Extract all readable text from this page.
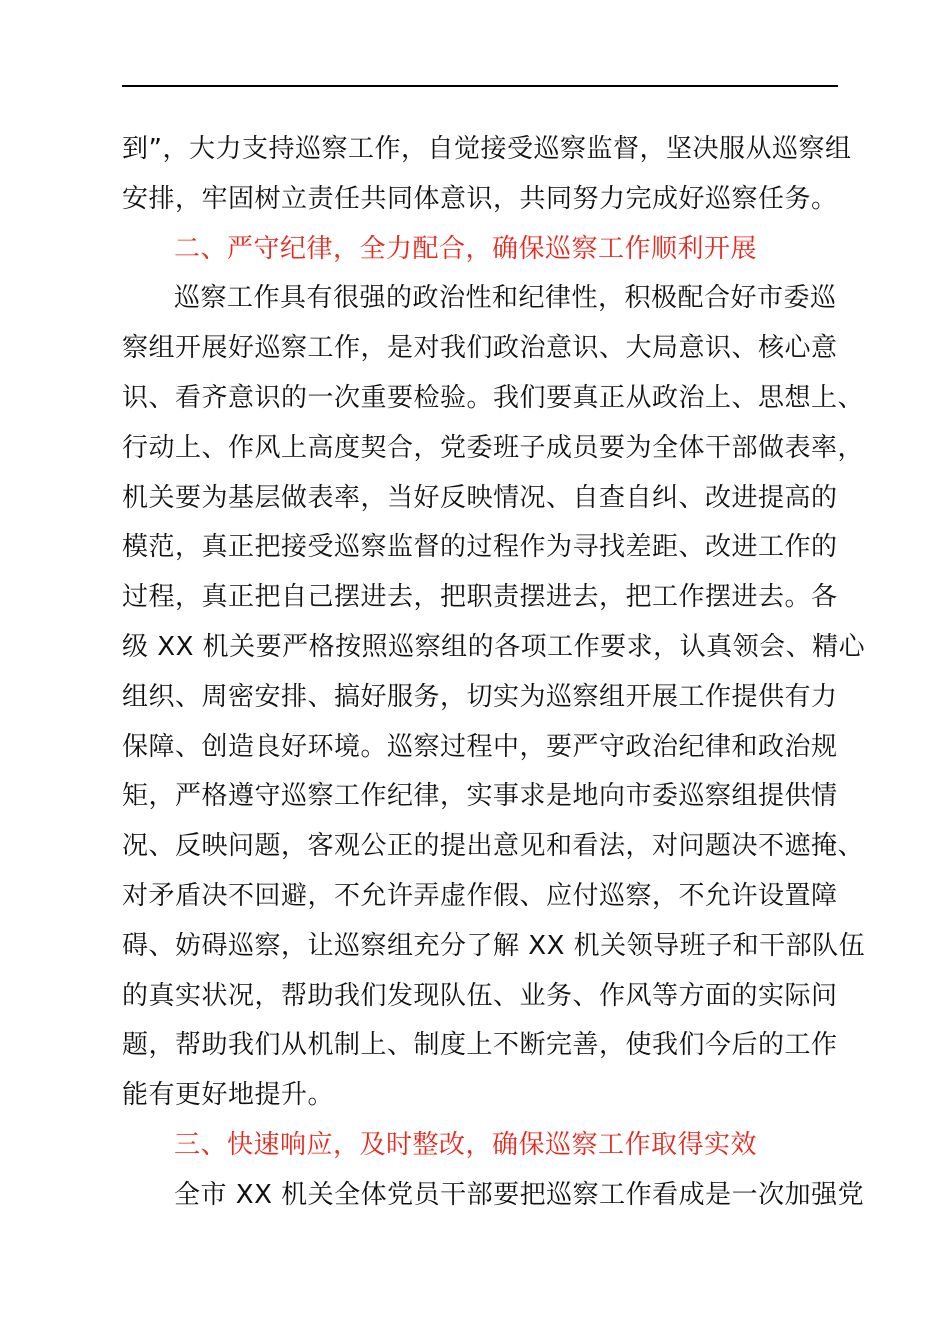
到”，大力支持巡察工作，自觉接受巡察监督，坚决服从巡察组
安排，牢固树立责任共同体意识，共同努力完成好巡察任务。
二、严守纪律，全力配合，确保巡察工作顺利开展
巡察工作具有很强的政治性和纪律性，积极配合好市委巡
察组开展好巡察工作，是对我们政治意识、大局意识、核心意
识、看齐意识的一次重要检验。我们要真正从政治上、思想上、
行动上、作风上高度契合，党委班子成员要为全体干部做表率，
机关要为基层做表率，当好反映情况、自查自纠、改进提高的
模范，真正把接受巡察监督的过程作为寻找差距、改进工作的
过程，真正把自己摆进去，把职责摆进去，把工作摆进去。各
级 XX 机关要严格按照巡察组的各项工作要求，认真领会、精心
组织、周密安排、搞好服务，切实为巡察组开展工作提供有力
保障、创造良好环境。巡察过程中，要严守政治纪律和政治规
矩，严格遵守巡察工作纪律，实事求是地向市委巡察组提供情
况、反映问题，客观公正的提出意见和看法，对问题决不遮掩、
对矛盾决不回避，不允许弄虚作假、应付巡察，不允许设置障
碍、妨碍巡察，让巡察组充分了解 XX 机关领导班子和干部队伍
的真实状况，帮助我们发现队伍、业务、作风等方面的实际问
题，帮助我们从机制上、制度上不断完善，使我们今后的工作
能有更好地提升。
三、快速响应，及时整改，确保巡察工作取得实效
全市 XX 机关全体党员干部要把巡察工作看成是一次加强党
